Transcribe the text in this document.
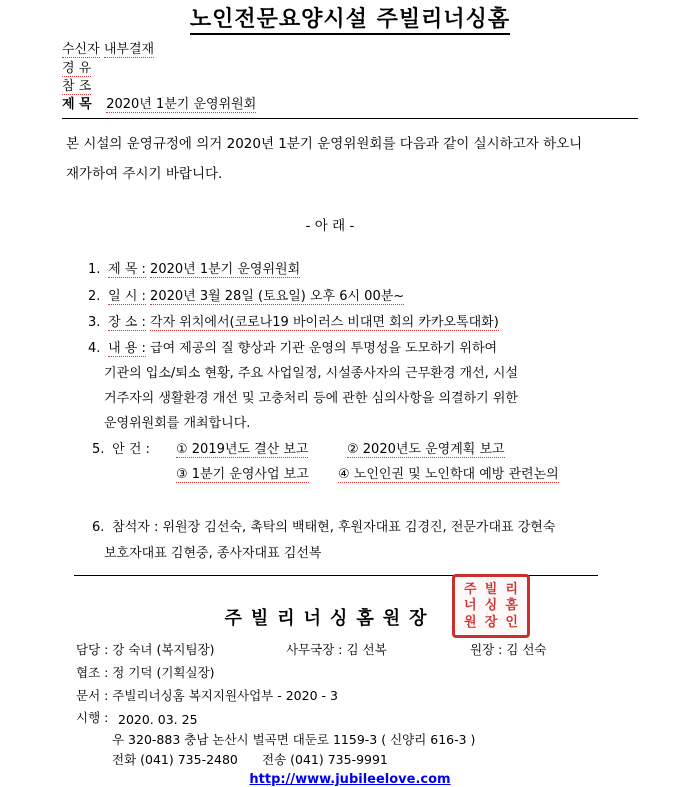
노인전문요양시설 주빌리너싱홈
수신자 내부결재
경 유
참 조
제 목 2020년 1분기 운영위원회
본 시설의 운영규정에 의거 2020년 1분기 운영위원회를 다음과 같이 실시하고자 하오니
재가하여 주시기 바랍니다.
- 아 래 -
1. 제 목 : 2020년 1분기 운영위원회
2. 일 시 : 2020년 3월 28일 (토요일) 오후 6시 00분~
3. 장 소 : 각자 위치에서(코로나19 바이러스 비대면 회의 카카오톡대화)
4. 내 용 : 급여 제공의 질 향상과 기관 운영의 투명성을 도모하기 위하여
기관의 입소/퇴소 현황, 주요 사업일정, 시설종사자의 근무환경 개선, 시설
거주자의 생활환경 개선 및 고충처리 등에 관한 심의사항을 의결하기 위한
운영위원회를 개최합니다.
5. 안 건 : ① 2019년도 결산 보고	② 2020년도 운영계획 보고
③ 1분기 운영사업 보고 ④ 노인인권 및 노인학대 예방 관련논의
6. 참석자 : 위원장 김선숙, 촉탁의 백태현, 후원자대표 김경진, 전문가대표 강현숙
보호자대표 김현중, 종사자대표 김선복
주빌리너싱홈원장
주 빌 리
너 싱 홈
원 장 인
담당 : 강 숙녀 (복지팀장)	사무국장 : 김 선복	원장 : 김 선숙
협조 : 정 기덕 (기획실장)
문서 : 주빌리너싱홈 복지지원사업부 - 2020 - 3
시행 : 2020. 03. 25
우 320-883 충남 논산시 벌곡면 대둔로 1159-3 ( 신양리 616-3 )
전화 (041) 735-2480 전송 (041) 735-9991
http://www.jubileelove.com
